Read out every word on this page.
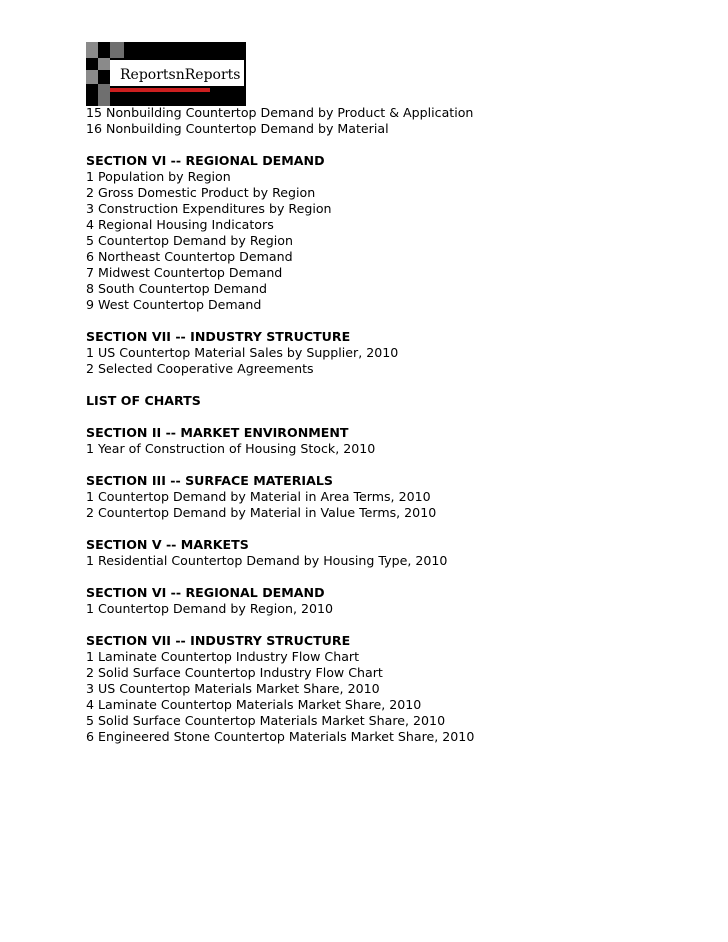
ReportsnReports
15 Nonbuilding Countertop Demand by Product & Application
16 Nonbuilding Countertop Demand by Material
SECTION VI -- REGIONAL DEMAND
1 Population by Region
2 Gross Domestic Product by Region
3 Construction Expenditures by Region
4 Regional Housing Indicators
5 Countertop Demand by Region
6 Northeast Countertop Demand
7 Midwest Countertop Demand
8 South Countertop Demand
9 West Countertop Demand
SECTION VII -- INDUSTRY STRUCTURE
1 US Countertop Material Sales by Supplier, 2010
2 Selected Cooperative Agreements
LIST OF CHARTS
SECTION II -- MARKET ENVIRONMENT
1 Year of Construction of Housing Stock, 2010
SECTION III -- SURFACE MATERIALS
1 Countertop Demand by Material in Area Terms, 2010
2 Countertop Demand by Material in Value Terms, 2010
SECTION V -- MARKETS
1 Residential Countertop Demand by Housing Type, 2010
SECTION VI -- REGIONAL DEMAND
1 Countertop Demand by Region, 2010
SECTION VII -- INDUSTRY STRUCTURE
1 Laminate Countertop Industry Flow Chart
2 Solid Surface Countertop Industry Flow Chart
3 US Countertop Materials Market Share, 2010
4 Laminate Countertop Materials Market Share, 2010
5 Solid Surface Countertop Materials Market Share, 2010
6 Engineered Stone Countertop Materials Market Share, 2010
